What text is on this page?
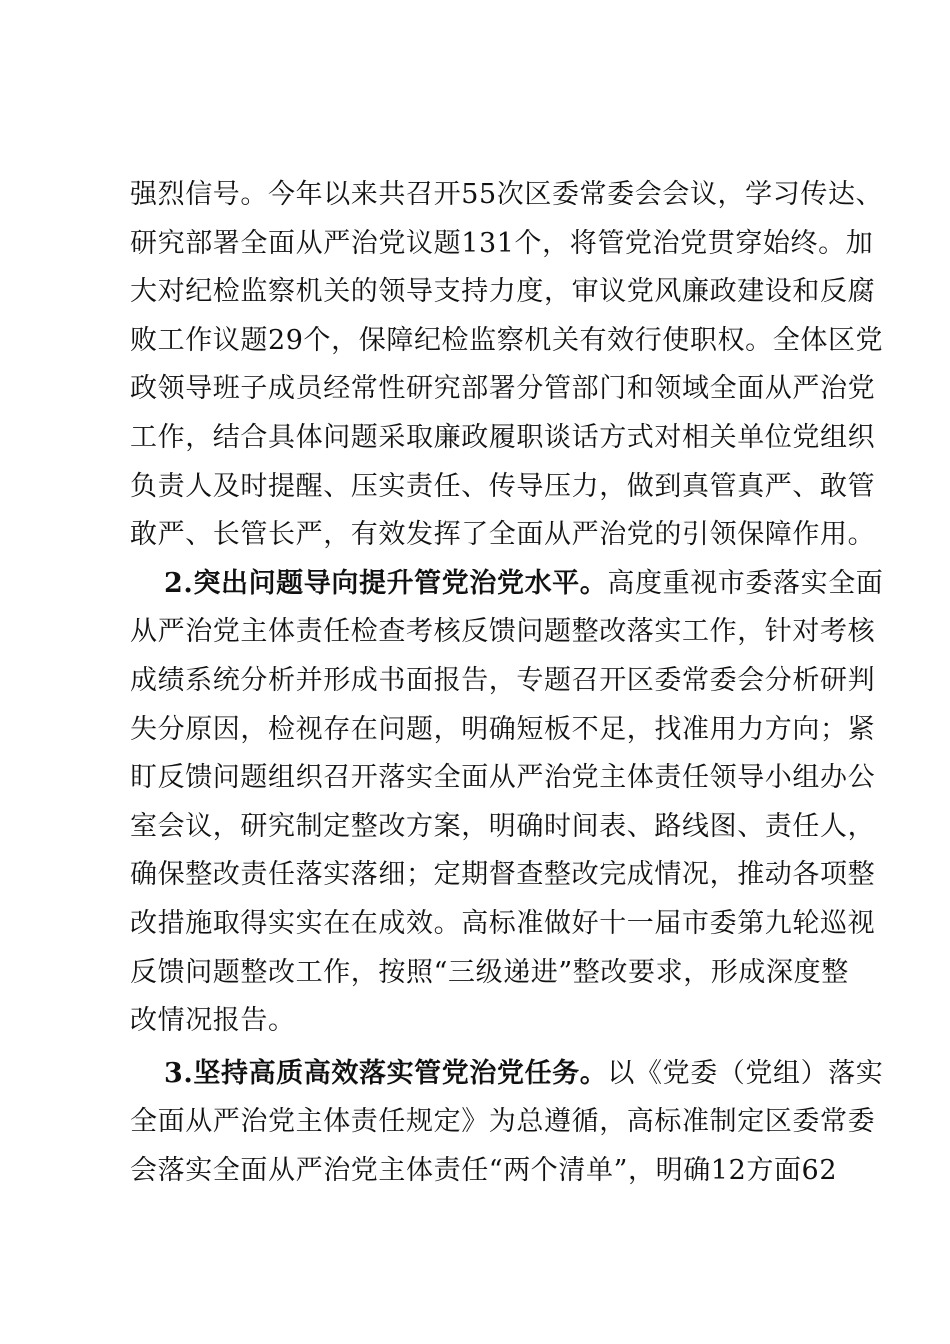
强烈信号。今年以来共召开55次区委常委会会议，学习传达、
研究部署全面从严治党议题131个，将管党治党贯穿始终。加
大对纪检监察机关的领导支持力度，审议党风廉政建设和反腐
败工作议题29个，保障纪检监察机关有效行使职权。全体区党
政领导班子成员经常性研究部署分管部门和领域全面从严治党
工作，结合具体问题采取廉政履职谈话方式对相关单位党组织
负责人及时提醒、压实责任、传导压力，做到真管真严、敢管
敢严、长管长严，有效发挥了全面从严治党的引领保障作用。
2.突出问题导向提升管党治党水平。高度重视市委落实全面
从严治党主体责任检查考核反馈问题整改落实工作，针对考核
成绩系统分析并形成书面报告，专题召开区委常委会分析研判
失分原因，检视存在问题，明确短板不足，找准用力方向；紧
盯反馈问题组织召开落实全面从严治党主体责任领导小组办公
室会议，研究制定整改方案，明确时间表、路线图、责任人，
确保整改责任落实落细；定期督查整改完成情况，推动各项整
改措施取得实实在在成效。高标准做好十一届市委第九轮巡视
反馈问题整改工作，按照“三级递进”整改要求，形成深度整
改情况报告。
3.坚持高质高效落实管党治党任务。以《党委（党组）落实
全面从严治党主体责任规定》为总遵循，高标准制定区委常委
会落实全面从严治党主体责任“两个清单”，明确12方面62
